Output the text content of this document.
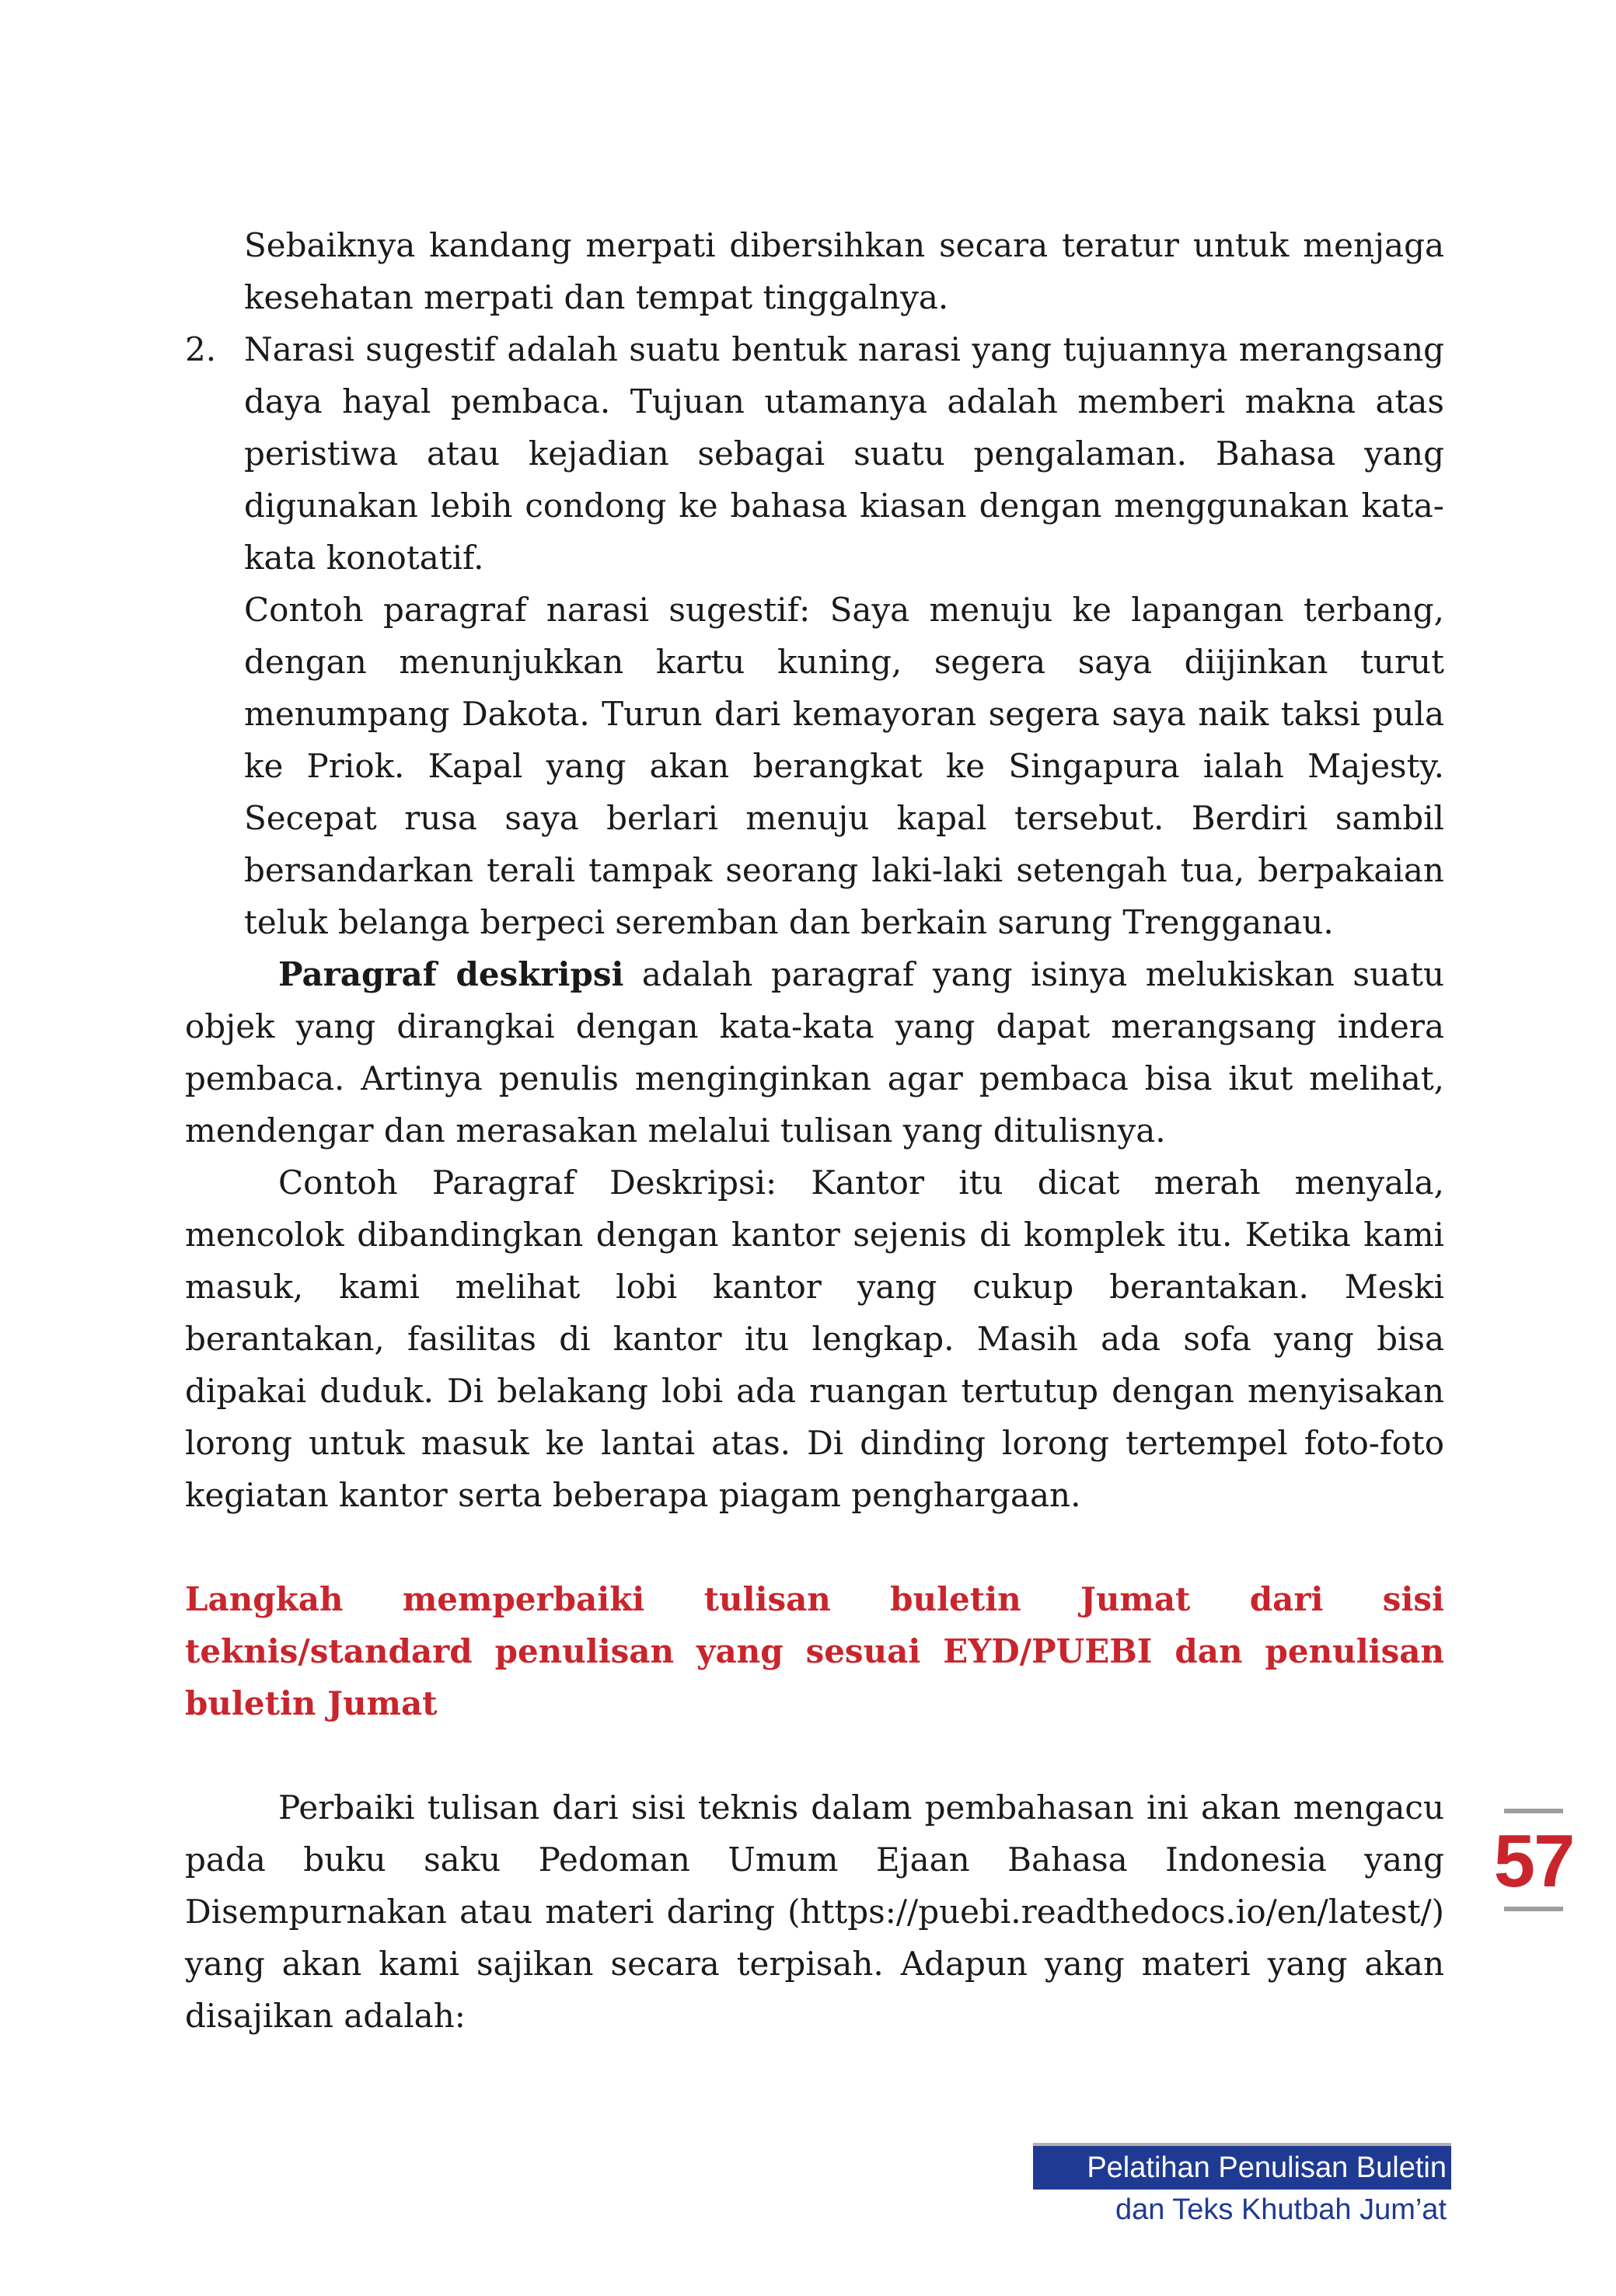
Sebaiknya kandang merpati dibersihkan secara teratur untuk menjaga kesehatan merpati dan tempat tinggalnya.

2. Narasi sugestif adalah suatu bentuk narasi yang tujuannya merangsang daya hayal pembaca. Tujuan utamanya adalah memberi makna atas peristiwa atau kejadian sebagai suatu pengalaman. Bahasa yang digunakan lebih condong ke bahasa kiasan dengan menggunakan kata-kata konotatif.

Contoh paragraf narasi sugestif: Saya menuju ke lapangan terbang, dengan menunjukkan kartu kuning, segera saya diijinkan turut menumpang Dakota. Turun dari kemayoran segera saya naik taksi pula ke Priok. Kapal yang akan berangkat ke Singapura ialah Majesty. Secepat rusa saya berlari menuju kapal tersebut. Berdiri sambil bersandarkan terali tampak seorang laki-laki setengah tua, berpakaian teluk belanga berpeci seremban dan berkain sarung Trengganau.

Paragraf deskripsi adalah paragraf yang isinya melukiskan suatu objek yang dirangkai dengan kata-kata yang dapat merangsang indera pembaca. Artinya penulis menginginkan agar pembaca bisa ikut melihat, mendengar dan merasakan melalui tulisan yang ditulisnya.

Contoh Paragraf Deskripsi: Kantor itu dicat merah menyala, mencolok dibandingkan dengan kantor sejenis di komplek itu. Ketika kami masuk, kami melihat lobi kantor yang cukup berantakan. Meski berantakan, fasilitas di kantor itu lengkap. Masih ada sofa yang bisa dipakai duduk. Di belakang lobi ada ruangan tertutup dengan menyisakan lorong untuk masuk ke lantai atas. Di dinding lorong tertempel foto-foto kegiatan kantor serta beberapa piagam penghargaan.

Langkah memperbaiki tulisan buletin Jumat dari sisi teknis/standard penulisan yang sesuai EYD/PUEBI dan penulisan buletin Jumat

Perbaiki tulisan dari sisi teknis dalam pembahasan ini akan mengacu pada buku saku Pedoman Umum Ejaan Bahasa Indonesia yang Disempurnakan atau materi daring (https://puebi.readthedocs.io/en/latest/) yang akan kami sajikan secara terpisah. Adapun yang materi yang akan disajikan adalah:

57
Pelatihan Penulisan Buletin
dan Teks Khutbah Jum’at
